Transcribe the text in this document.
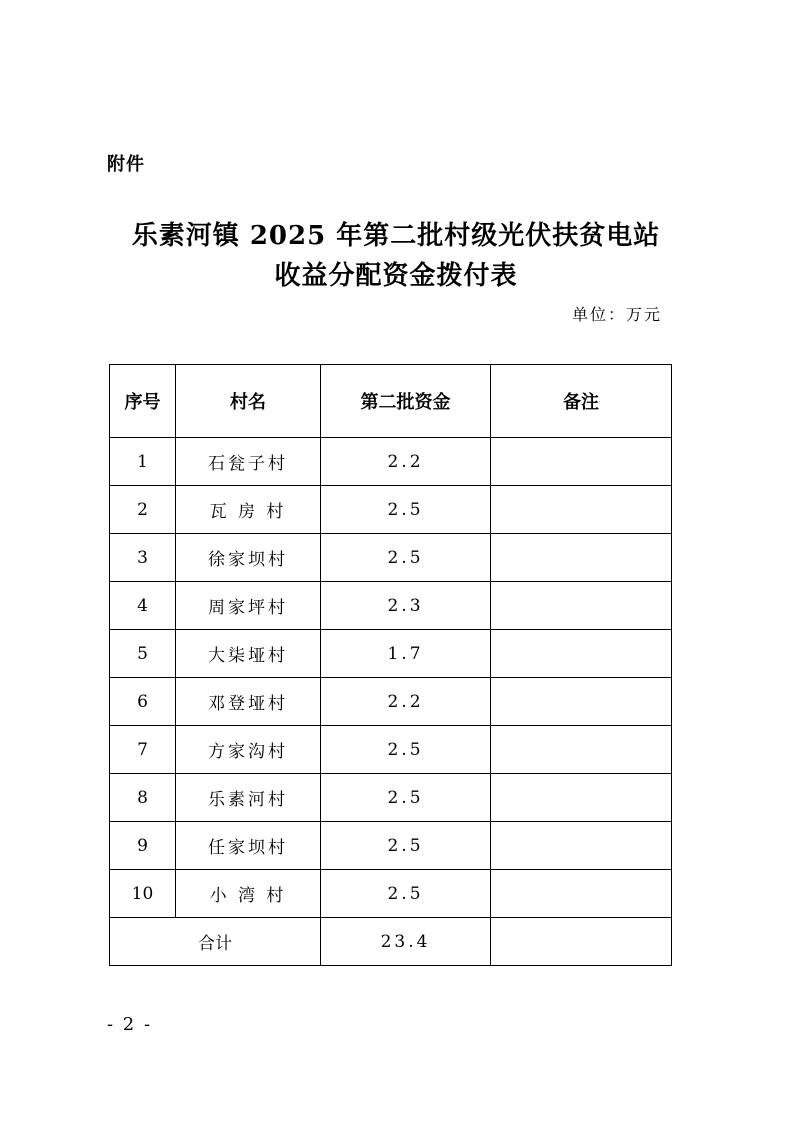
附件
乐素河镇 2025 年第二批村级光伏扶贫电站
收益分配资金拨付表
单位：万元
序号	村名	第二批资金	备注
1	石瓮子村	2.2	
2	瓦 房 村	2.5	
3	徐家坝村	2.5	
4	周家坪村	2.3	
5	大柒垭村	1.7	
6	邓登垭村	2.2	
7	方家沟村	2.5	
8	乐素河村	2.5	
9	任家坝村	2.5	
10	小 湾 村	2.5	
合计		23.4	
- 2 -
